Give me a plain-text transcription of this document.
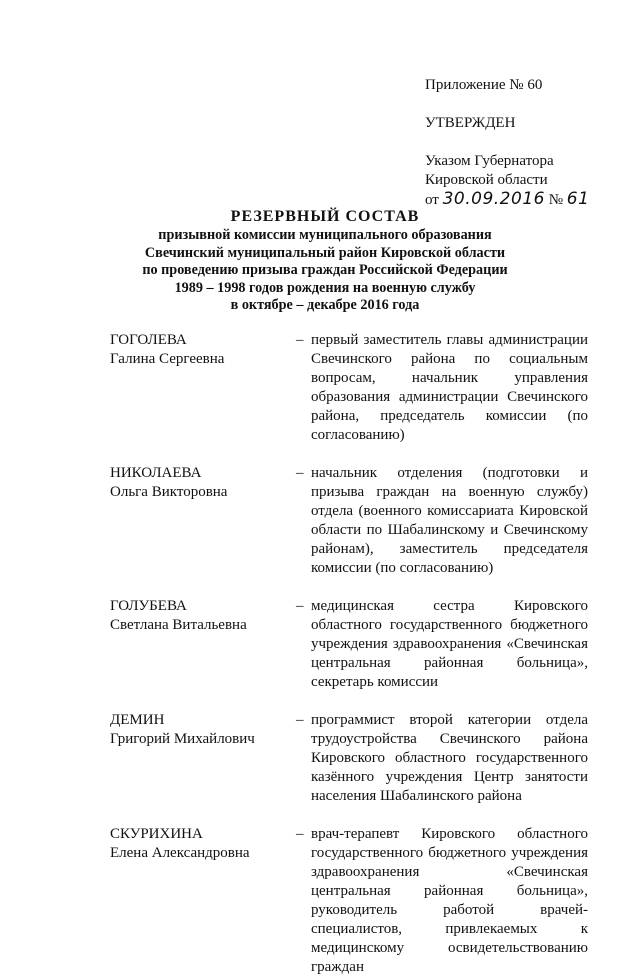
Приложение № 60
УТВЕРЖДЕН
Указом Губернатора
Кировской области
от 30.09.2016 № 61
РЕЗЕРВНЫЙ СОСТАВ
призывной комиссии муниципального образования
Свечинский муниципальный район Кировской области
по проведению призыва граждан Российской Федерации
1989 – 1998 годов рождения на военную службу
в октябре – декабре 2016 года
ГОГОЛЕВА
Галина Сергеевна
– первый заместитель главы администрации Свечинского района по социальным вопросам, начальник управления образования администрации Свечинского района, председатель комиссии (по согласованию)
НИКОЛАЕВА
Ольга Викторовна
– начальник отделения (подготовки и призыва граждан на военную службу) отдела (военного комиссариата Кировской области по Шабалинскому и Свечинскому районам), заместитель председателя комиссии (по согласованию)
ГОЛУБЕВА
Светлана Витальевна
– медицинская сестра Кировского областного государственного бюджетного учреждения здравоохранения «Свечинская центральная районная больница», секретарь комиссии
ДЕМИН
Григорий Михайлович
– программист второй категории отдела трудоустройства Свечинского района Кировского областного государственного казённого учреждения Центр занятости населения Шабалинского района
СКУРИХИНА
Елена Александровна
– врач-терапевт Кировского областного государственного бюджетного учреждения здравоохранения «Свечинская центральная районная больница», руководитель работой врачей-специалистов, привлекаемых к медицинскому освидетельствованию граждан
